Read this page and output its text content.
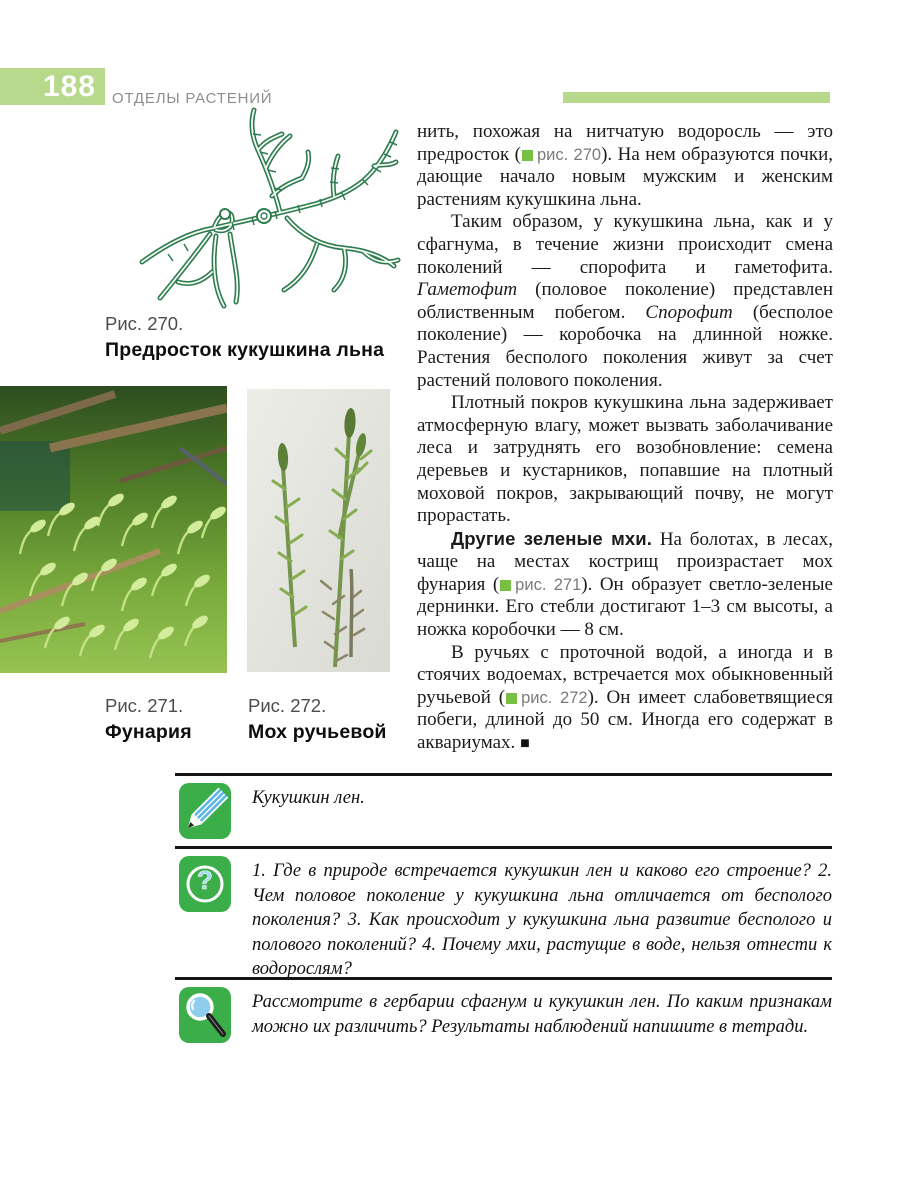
188	ОТДЕЛЫ РАСТЕНИЙ
Рис. 270.
Предросток кукушкина льна
Рис. 271.
Фунария
Рис. 272.
Мох ручьевой

нить, похожая на нитчатую водоросль — это предросток ( рис. 270). На нем образуются почки, дающие начало новым мужским и женским растениям кукушкина льна.

Таким образом, у кукушкина льна, как и у сфагнума, в течение жизни происходит смена поколений — спорофита и гаметофита. Гаметофит (половое поколение) представлен облиственным побегом. Спорофит (бесполое поколение) — коробочка на длинной ножке. Растения бесполого поколения живут за счет растений полового поколения.

Плотный покров кукушкина льна задерживает атмосферную влагу, может вызвать заболачивание леса и затруднять его возобновление: семена деревьев и кустарников, попавшие на плотный моховой покров, закрывающий почву, не могут прорастать.

Другие зеленые мхи. На болотах, в лесах, чаще на местах кострищ произрастает мох фунария ( рис. 271). Он образует светло-зеленые дернинки. Его стебли достигают 1–3 см высоты, а ножка коробочки — 8 см.

В ручьях с проточной водой, а иногда и в стоячих водоемах, встречается мох обыкновенный ручьевой ( рис. 272). Он имеет слабоветвящиеся побеги, длиной до 50 см. Иногда его содержат в аквариумах. ■

Кукушкин лен.
? 1. Где в природе встречается кукушкин лен и каково его строение? 2. Чем половое поколение у кукушкина льна отличается от бесполого поколения? 3. Как происходит у кукушкина льна развитие бесполого и полового поколений? 4. Почему мхи, растущие в воде, нельзя отнести к водорослям?
Рассмотрите в гербарии сфагнум и кукушкин лен. По каким признакам можно их различить? Результаты наблюдений напишите в тетради.
